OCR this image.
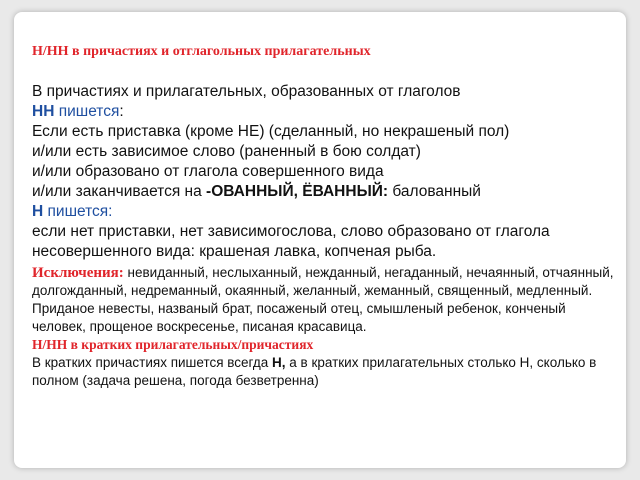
Н/НН в причастиях и отглагольных прилагательных

В причастиях и прилагательных, образованных от глаголов

НН пишется:

Если есть приставка (кроме НЕ) (сделанный, но некрашеный пол)

и/или есть зависимое слово (раненный в бою солдат)

и/или образовано от глагола совершенного вида

и/или заканчивается на -ОВАННЫЙ, ЁВАННЫЙ: балованный

Н пишется:

если нет приставки, нет зависимогослова, слово образовано от глагола несовершенного вида: крашеная лавка, копченая рыба.

Исключения: невиданный, неслыханный, нежданный, негаданный, нечаянный, отчаянный, долгожданный, недреманный, окаянный, желанный, жеманный, священный, медленный.

Приданое невесты, названый брат, посаженый отец, смышленый ребенок, конченый человек, прощеное воскресенье, писаная красавица.

Н/НН в кратких прилагательных/причастиях

В кратких причастиях пишется всегда Н, а в кратких прилагательных столько Н, сколько в полном (задача решена, погода безветренна)
